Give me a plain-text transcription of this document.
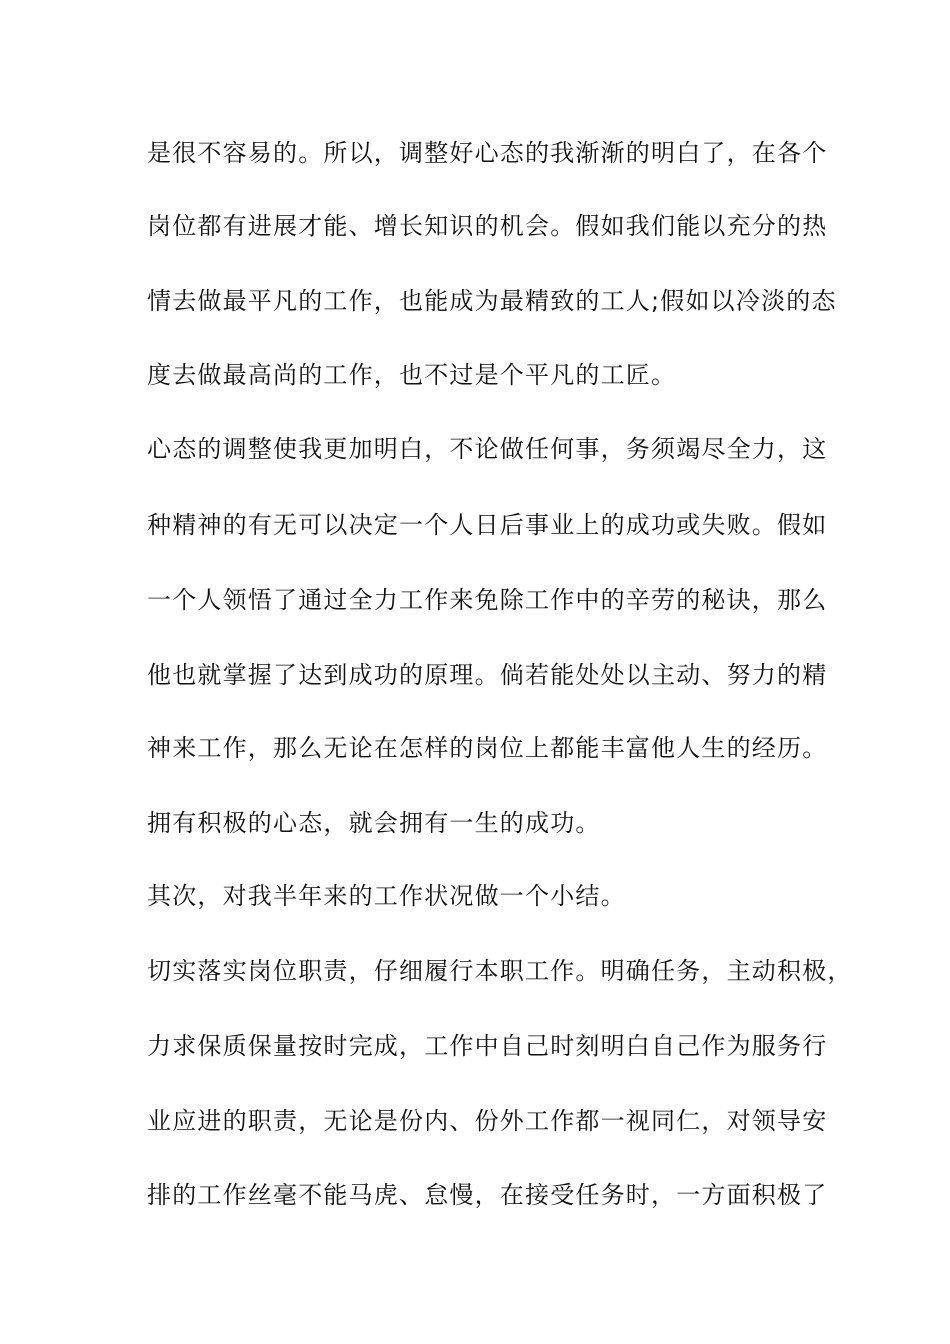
是很不容易的。所以，调整好心态的我渐渐的明白了，在各个
岗位都有进展才能、增长知识的机会。假如我们能以充分的热
情去做最平凡的工作，也能成为最精致的工人;假如以冷淡的态
度去做最高尚的工作，也不过是个平凡的工匠。
心态的调整使我更加明白，不论做任何事，务须竭尽全力，这
种精神的有无可以决定一个人日后事业上的成功或失败。假如
一个人领悟了通过全力工作来免除工作中的辛劳的秘诀，那么
他也就掌握了达到成功的原理。倘若能处处以主动、努力的精
神来工作，那么无论在怎样的岗位上都能丰富他人生的经历。
拥有积极的心态，就会拥有一生的成功。
其次，对我半年来的工作状况做一个小结。
切实落实岗位职责，仔细履行本职工作。明确任务，主动积极，
力求保质保量按时完成，工作中自己时刻明白自己作为服务行
业应进的职责，无论是份内、份外工作都一视同仁，对领导安
排的工作丝毫不能马虎、怠慢，在接受任务时，一方面积极了
